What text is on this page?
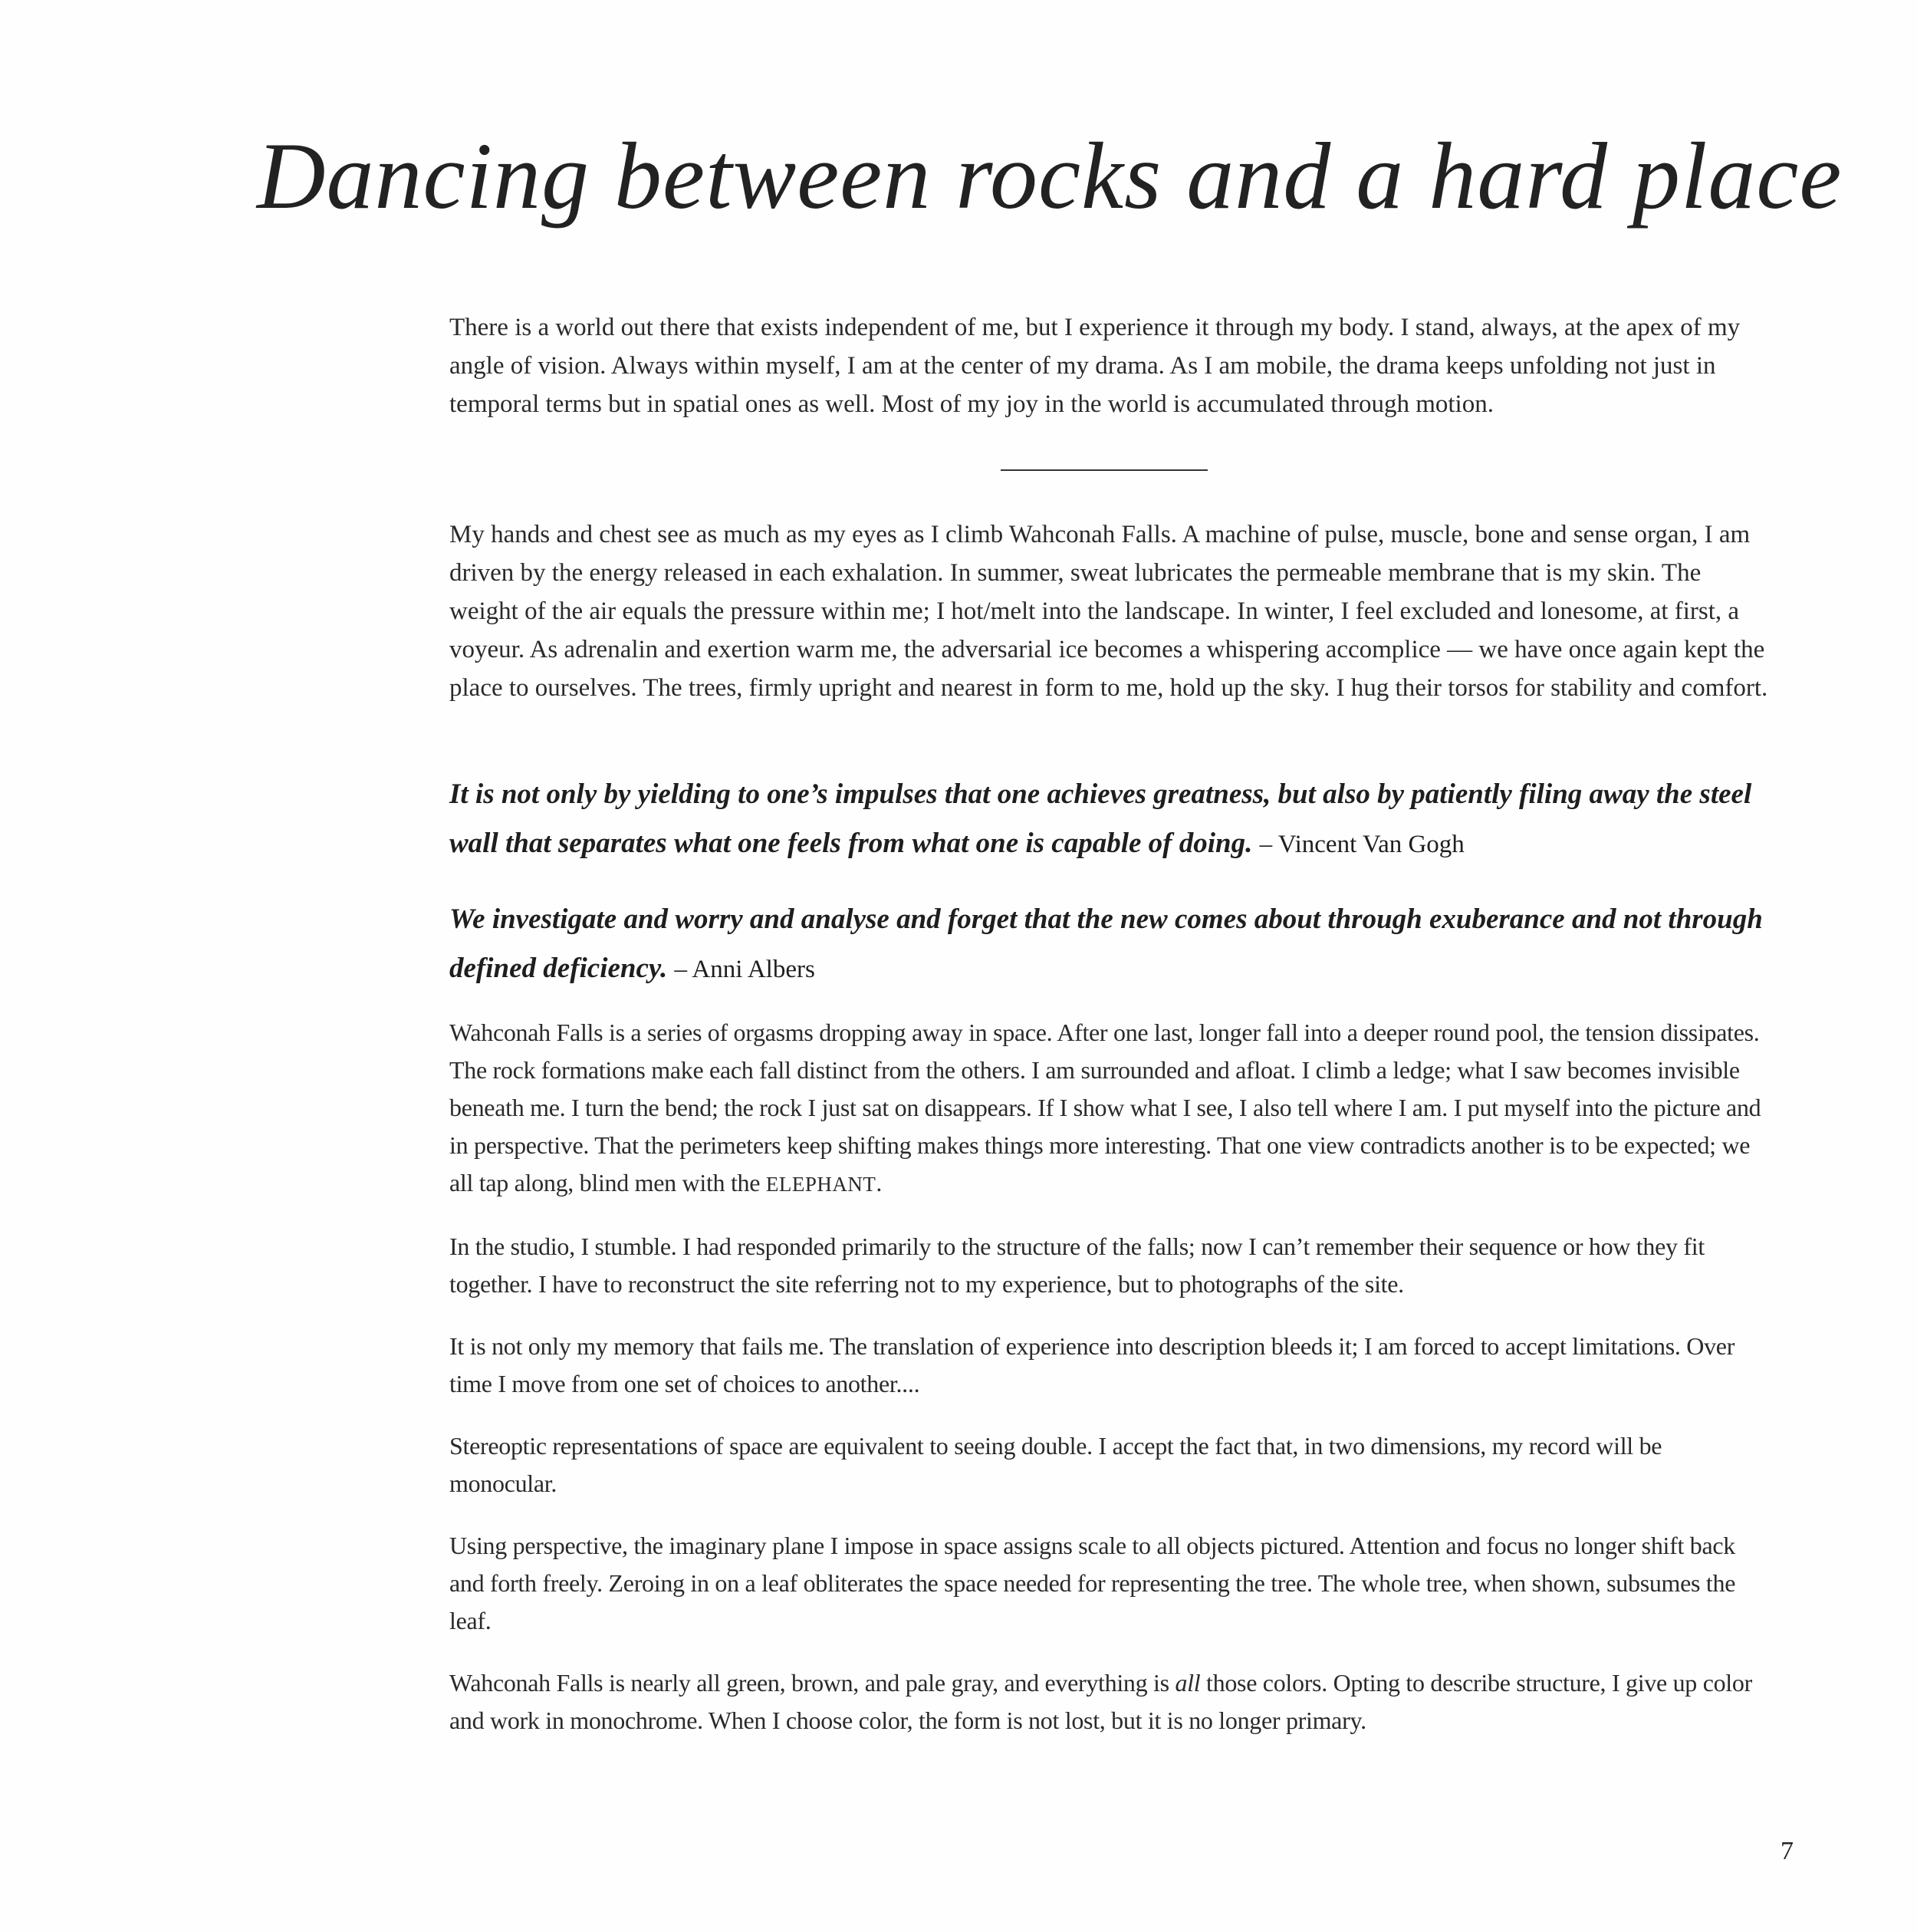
Dancing between rocks and a hard place

There is a world out there that exists independent of me, but I experience it through my body. I stand, always, at the apex of my angle of vision. Always within myself, I am at the center of my drama. As I am mobile, the drama keeps unfolding not just in temporal terms but in spatial ones as well. Most of my joy in the world is accumulated through motion.

My hands and chest see as much as my eyes as I climb Wahconah Falls. A machine of pulse, muscle, bone and sense organ, I am driven by the energy released in each exhalation. In summer, sweat lubricates the permeable membrane that is my skin. The weight of the air equals the pressure within me; I hot/melt into the landscape. In winter, I feel excluded and lonesome, at first, a voyeur. As adrenalin and exertion warm me, the adversarial ice becomes a whispering accomplice — we have once again kept the place to ourselves. The trees, firmly upright and nearest in form to me, hold up the sky. I hug their torsos for stability and comfort.

It is not only by yielding to one’s impulses that one achieves greatness, but also by patiently filing away the steel wall that separates what one feels from what one is capable of doing. – Vincent Van Gogh

We investigate and worry and analyse and forget that the new comes about through exuberance and not through defined deficiency. – Anni Albers

Wahconah Falls is a series of orgasms dropping away in space. After one last, longer fall into a deeper round pool, the tension dissipates. The rock formations make each fall distinct from the others. I am surrounded and afloat. I climb a ledge; what I saw becomes invisible beneath me. I turn the bend; the rock I just sat on disappears. If I show what I see, I also tell where I am. I put myself into the picture and in perspective. That the perimeters keep shifting makes things more interesting. That one view contradicts another is to be expected; we all tap along, blind men with the ELEPHANT.

In the studio, I stumble. I had responded primarily to the structure of the falls; now I can’t remember their sequence or how they fit together. I have to reconstruct the site referring not to my experience, but to photographs of the site.

It is not only my memory that fails me. The translation of experience into description bleeds it; I am forced to accept limitations. Over time I move from one set of choices to another....

Stereoptic representations of space are equivalent to seeing double. I accept the fact that, in two dimensions, my record will be monocular.

Using perspective, the imaginary plane I impose in space assigns scale to all objects pictured. Attention and focus no longer shift back and forth freely. Zeroing in on a leaf obliterates the space needed for representing the tree. The whole tree, when shown, subsumes the leaf.

Wahconah Falls is nearly all green, brown, and pale gray, and everything is all those colors. Opting to describe structure, I give up color and work in monochrome. When I choose color, the form is not lost, but it is no longer primary.

7
